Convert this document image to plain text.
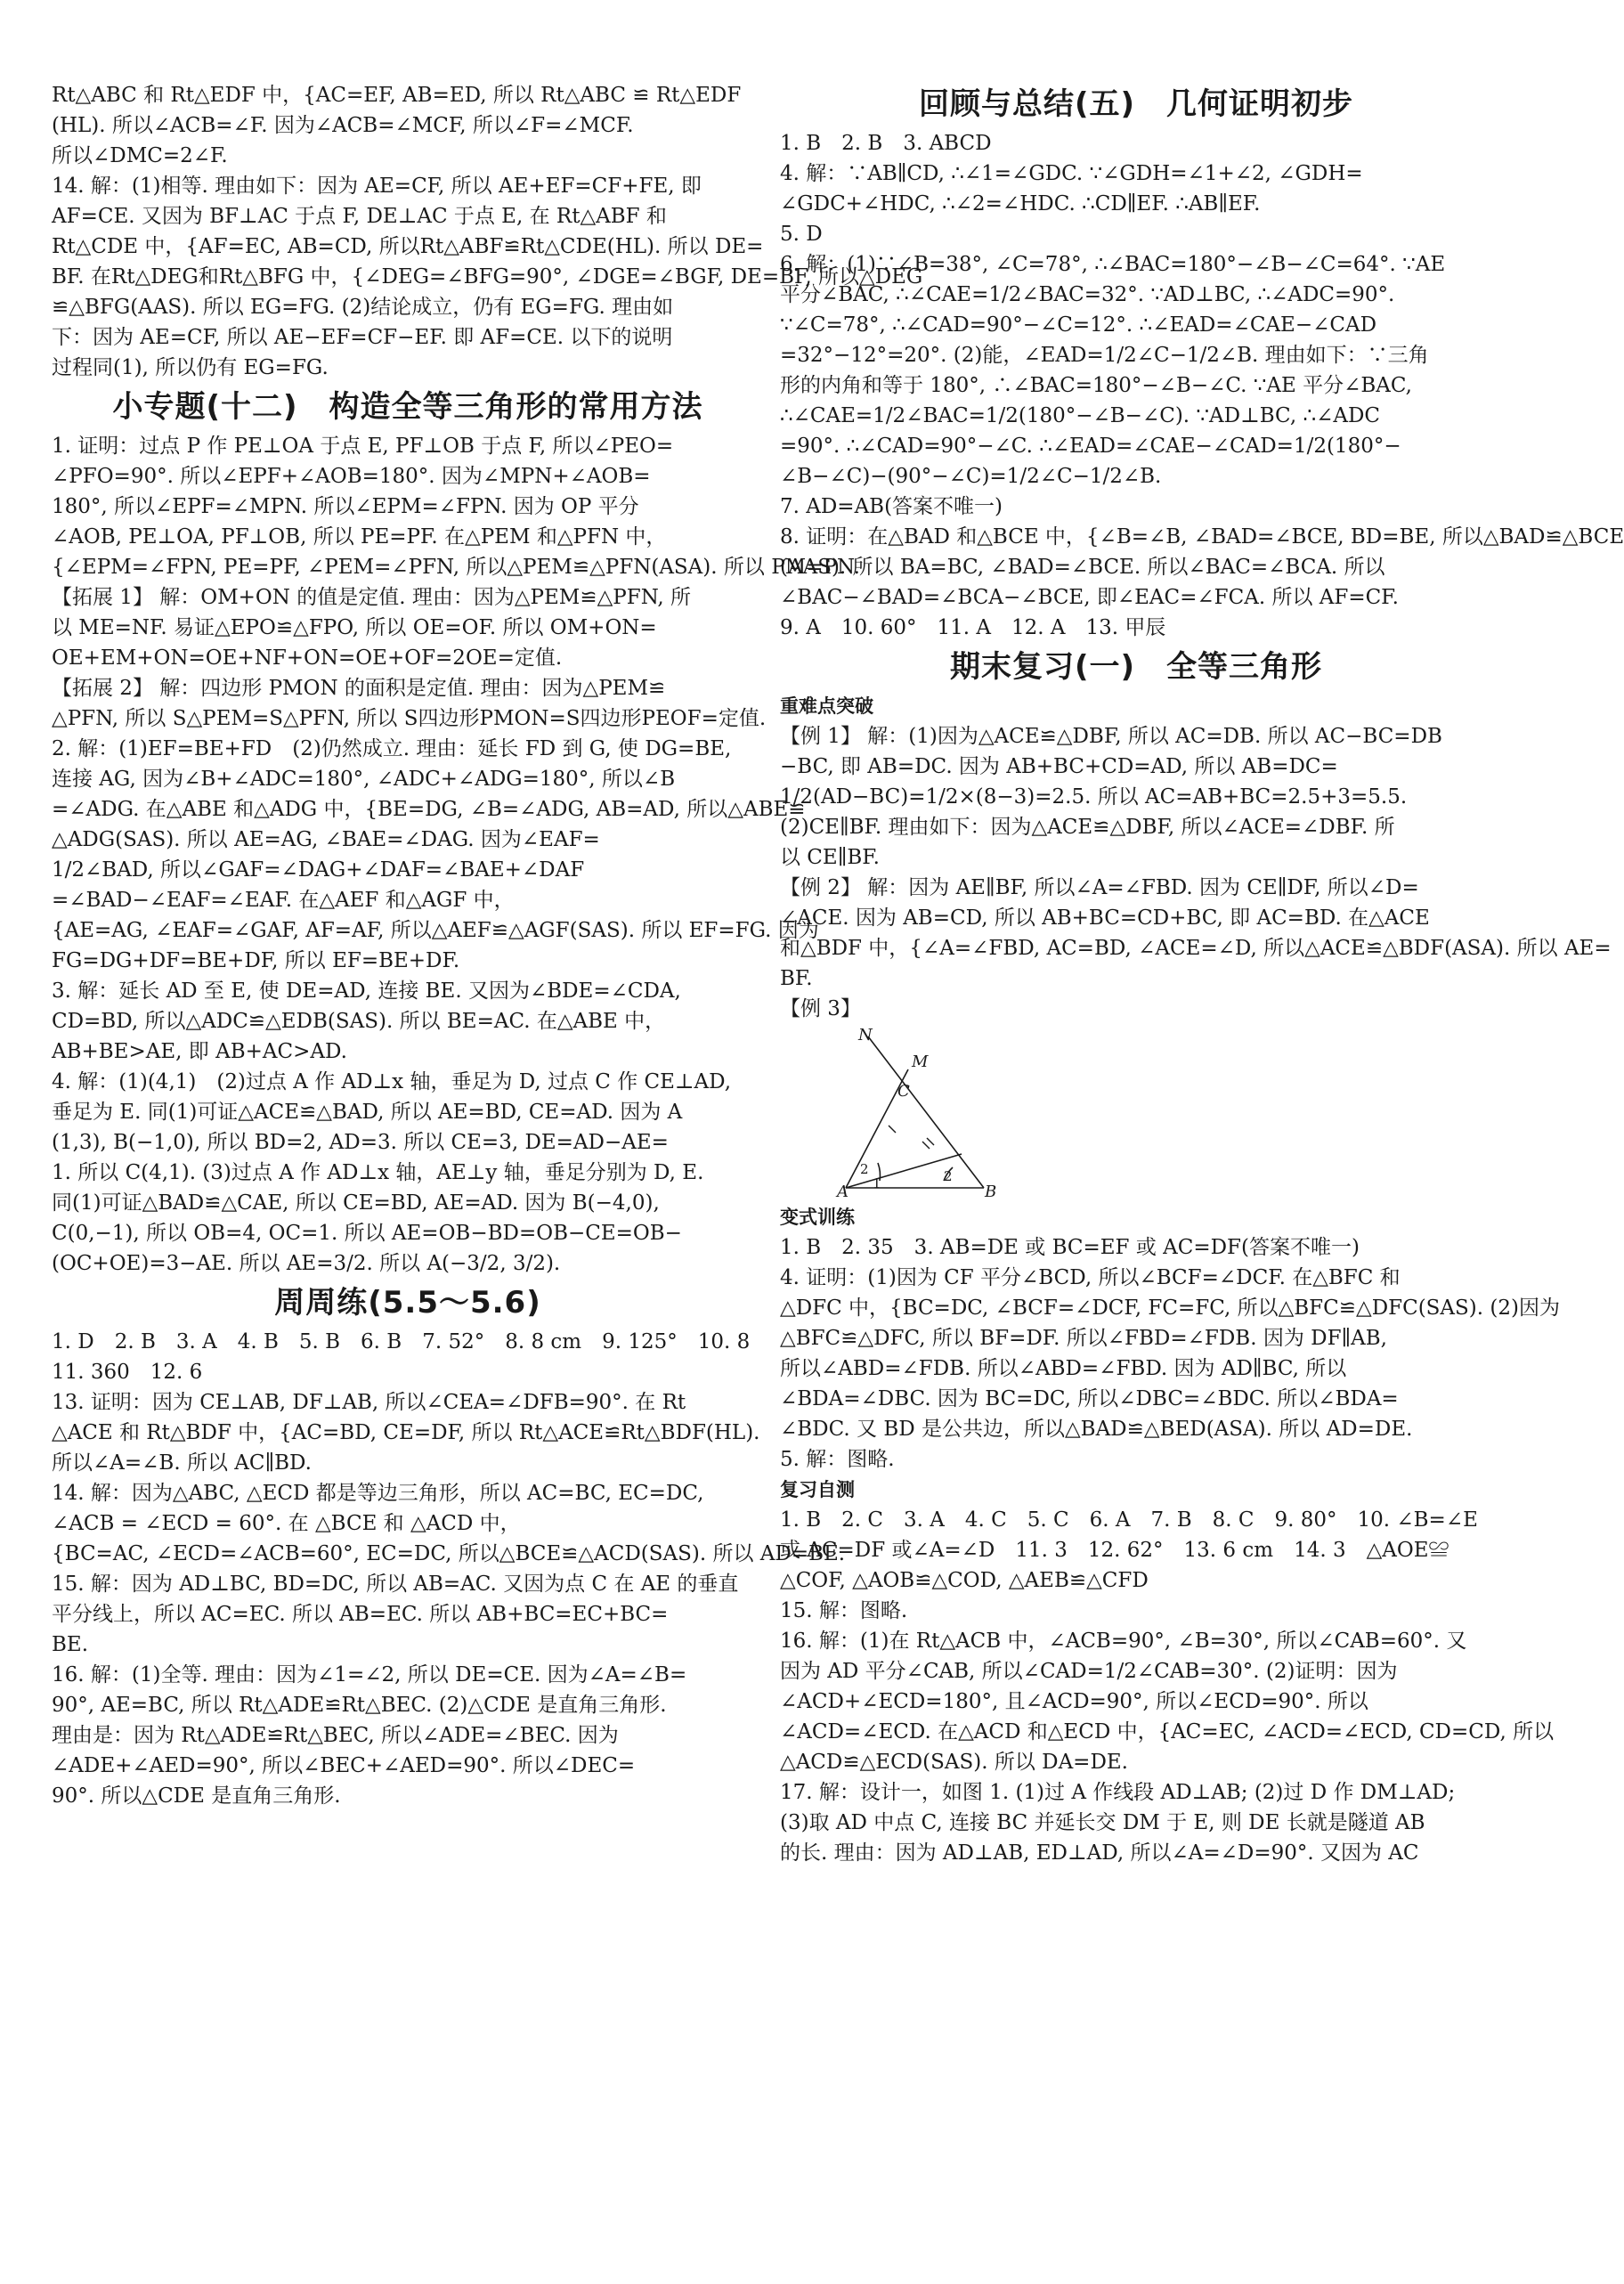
Rt△ABC 和 Rt△EDF 中，{AC=EF, AB=ED, 所以 Rt△ABC ≌ Rt△EDF
(HL). 所以∠ACB=∠F. 因为∠ACB=∠MCF, 所以∠F=∠MCF.
所以∠DMC=2∠F.
14. 解：(1)相等. 理由如下：因为 AE=CF, 所以 AE+EF=CF+FE, 即
AF=CE. 又因为 BF⊥AC 于点 F, DE⊥AC 于点 E, 在 Rt△ABF 和
Rt△CDE 中，{AF=EC, AB=CD, 所以Rt△ABF≌Rt△CDE(HL). 所以 DE=
BF. 在Rt△DEG和Rt△BFG 中，{∠DEG=∠BFG=90°, ∠DGE=∠BGF, DE=BF, 所以△DEG
≌△BFG(AAS). 所以 EG=FG. (2)结论成立，仍有 EG=FG. 理由如
下：因为 AE=CF, 所以 AE−EF=CF−EF. 即 AF=CE. 以下的说明
过程同(1), 所以仍有 EG=FG.
小专题(十二)　构造全等三角形的常用方法
1. 证明：过点 P 作 PE⊥OA 于点 E, PF⊥OB 于点 F, 所以∠PEO=
∠PFO=90°. 所以∠EPF+∠AOB=180°. 因为∠MPN+∠AOB=
180°, 所以∠EPF=∠MPN. 所以∠EPM=∠FPN. 因为 OP 平分
∠AOB, PE⊥OA, PF⊥OB, 所以 PE=PF. 在△PEM 和△PFN 中，
{∠EPM=∠FPN, PE=PF, ∠PEM=∠PFN, 所以△PEM≌△PFN(ASA). 所以 PM=PN.
【拓展 1】 解：OM+ON 的值是定值. 理由：因为△PEM≌△PFN, 所
以 ME=NF. 易证△EPO≌△FPO, 所以 OE=OF. 所以 OM+ON=
OE+EM+ON=OE+NF+ON=OE+OF=2OE=定值.
【拓展 2】 解：四边形 PMON 的面积是定值. 理由：因为△PEM≌
△PFN, 所以 S△PEM=S△PFN, 所以 S四边形PMON=S四边形PEOF=定值.
2. 解：(1)EF=BE+FD　(2)仍然成立. 理由：延长 FD 到 G, 使 DG=BE,
连接 AG, 因为∠B+∠ADC=180°, ∠ADC+∠ADG=180°, 所以∠B
=∠ADG. 在△ABE 和△ADG 中，{BE=DG, ∠B=∠ADG, AB=AD, 所以△ABE≌
△ADG(SAS). 所以 AE=AG, ∠BAE=∠DAG. 因为∠EAF=
1/2∠BAD, 所以∠GAF=∠DAG+∠DAF=∠BAE+∠DAF
=∠BAD−∠EAF=∠EAF. 在△AEF 和△AGF 中，
{AE=AG, ∠EAF=∠GAF, AF=AF, 所以△AEF≌△AGF(SAS). 所以 EF=FG. 因为
FG=DG+DF=BE+DF, 所以 EF=BE+DF.
3. 解：延长 AD 至 E, 使 DE=AD, 连接 BE. 又因为∠BDE=∠CDA,
CD=BD, 所以△ADC≌△EDB(SAS). 所以 BE=AC. 在△ABE 中，
AB+BE>AE, 即 AB+AC>AD.
4. 解：(1)(4,1)　(2)过点 A 作 AD⊥x 轴，垂足为 D, 过点 C 作 CE⊥AD,
垂足为 E. 同(1)可证△ACE≌△BAD, 所以 AE=BD, CE=AD. 因为 A
(1,3), B(−1,0), 所以 BD=2, AD=3. 所以 CE=3, DE=AD−AE=
1. 所以 C(4,1). (3)过点 A 作 AD⊥x 轴，AE⊥y 轴，垂足分别为 D, E.
同(1)可证△BAD≌△CAE, 所以 CE=BD, AE=AD. 因为 B(−4,0),
C(0,−1), 所以 OB=4, OC=1. 所以 AE=OB−BD=OB−CE=OB−
(OC+OE)=3−AE. 所以 AE=3/2. 所以 A(−3/2, 3/2).
周周练(5.5～5.6)
1. D　2. B　3. A　4. B　5. B　6. B　7. 52°　8. 8 cm　9. 125°　10. 8
11. 360　12. 6
13. 证明：因为 CE⊥AB, DF⊥AB, 所以∠CEA=∠DFB=90°. 在 Rt
△ACE 和 Rt△BDF 中，{AC=BD, CE=DF, 所以 Rt△ACE≌Rt△BDF(HL).
所以∠A=∠B. 所以 AC∥BD.
14. 解：因为△ABC, △ECD 都是等边三角形，所以 AC=BC, EC=DC,
∠ACB = ∠ECD = 60°. 在 △BCE 和 △ACD 中，
{BC=AC, ∠ECD=∠ACB=60°, EC=DC, 所以△BCE≌△ACD(SAS). 所以 AD=BE.
15. 解：因为 AD⊥BC, BD=DC, 所以 AB=AC. 又因为点 C 在 AE 的垂直
平分线上，所以 AC=EC. 所以 AB=EC. 所以 AB+BC=EC+BC=
BE.
16. 解：(1)全等. 理由：因为∠1=∠2, 所以 DE=CE. 因为∠A=∠B=
90°, AE=BC, 所以 Rt△ADE≌Rt△BEC. (2)△CDE 是直角三角形.
理由是：因为 Rt△ADE≌Rt△BEC, 所以∠ADE=∠BEC. 因为
∠ADE+∠AED=90°, 所以∠BEC+∠AED=90°. 所以∠DEC=
90°. 所以△CDE 是直角三角形.
回顾与总结(五)　几何证明初步
1. B　2. B　3. ABCD
4. 解：∵AB∥CD, ∴∠1=∠GDC. ∵∠GDH=∠1+∠2, ∠GDH=
∠GDC+∠HDC, ∴∠2=∠HDC. ∴CD∥EF. ∴AB∥EF.
5. D
6. 解：(1)∵∠B=38°, ∠C=78°, ∴∠BAC=180°−∠B−∠C=64°. ∵AE
平分∠BAC, ∴∠CAE=1/2∠BAC=32°. ∵AD⊥BC, ∴∠ADC=90°.
∵∠C=78°, ∴∠CAD=90°−∠C=12°. ∴∠EAD=∠CAE−∠CAD
=32°−12°=20°. (2)能，∠EAD=1/2∠C−1/2∠B. 理由如下：∵三角
形的内角和等于 180°, ∴∠BAC=180°−∠B−∠C. ∵AE 平分∠BAC,
∴∠CAE=1/2∠BAC=1/2(180°−∠B−∠C). ∵AD⊥BC, ∴∠ADC
=90°. ∴∠CAD=90°−∠C. ∴∠EAD=∠CAE−∠CAD=1/2(180°−
∠B−∠C)−(90°−∠C)=1/2∠C−1/2∠B.
7. AD=AB(答案不唯一)
8. 证明：在△BAD 和△BCE 中，{∠B=∠B, ∠BAD=∠BCE, BD=BE, 所以△BAD≌△BCE
(AAS). 所以 BA=BC, ∠BAD=∠BCE. 所以∠BAC=∠BCA. 所以
∠BAC−∠BAD=∠BCA−∠BCE, 即∠EAC=∠FCA. 所以 AF=CF.
9. A　10. 60°　11. A　12. A　13. 甲辰
期末复习(一)　全等三角形
重难点突破
【例 1】 解：(1)因为△ACE≌△DBF, 所以 AC=DB. 所以 AC−BC=DB
−BC, 即 AB=DC. 因为 AB+BC+CD=AD, 所以 AB=DC=
1/2(AD−BC)=1/2×(8−3)=2.5. 所以 AC=AB+BC=2.5+3=5.5.
(2)CE∥BF. 理由如下：因为△ACE≌△DBF, 所以∠ACE=∠DBF. 所
以 CE∥BF.
【例 2】 解：因为 AE∥BF, 所以∠A=∠FBD. 因为 CE∥DF, 所以∠D=
∠ACE. 因为 AB=CD, 所以 AB+BC=CD+BC, 即 AC=BD. 在△ACE
和△BDF 中，{∠A=∠FBD, AC=BD, ∠ACE=∠D, 所以△ACE≌△BDF(ASA). 所以 AE=
BF.
【例 3】
N
M
C
A	B
2
1	2
变式训练
1. B　2. 35　3. AB=DE 或 BC=EF 或 AC=DF(答案不唯一)
4. 证明：(1)因为 CF 平分∠BCD, 所以∠BCF=∠DCF. 在△BFC 和
△DFC 中，{BC=DC, ∠BCF=∠DCF, FC=FC, 所以△BFC≌△DFC(SAS). (2)因为
△BFC≌△DFC, 所以 BF=DF. 所以∠FBD=∠FDB. 因为 DF∥AB,
所以∠ABD=∠FDB. 所以∠ABD=∠FBD. 因为 AD∥BC, 所以
∠BDA=∠DBC. 因为 BC=DC, 所以∠DBC=∠BDC. 所以∠BDA=
∠BDC. 又 BD 是公共边，所以△BAD≌△BED(ASA). 所以 AD=DE.
5. 解：图略.
复习自测
1. B　2. C　3. A　4. C　5. C　6. A　7. B　8. C　9. 80°　10. ∠B=∠E
或 AC=DF 或∠A=∠D　11. 3　12. 62°　13. 6 cm　14. 3　△AOE≌
△COF, △AOB≌△COD, △AEB≌△CFD
15. 解：图略.
16. 解：(1)在 Rt△ACB 中，∠ACB=90°, ∠B=30°, 所以∠CAB=60°. 又
因为 AD 平分∠CAB, 所以∠CAD=1/2∠CAB=30°. (2)证明：因为
∠ACD+∠ECD=180°, 且∠ACD=90°, 所以∠ECD=90°. 所以
∠ACD=∠ECD. 在△ACD 和△ECD 中，{AC=EC, ∠ACD=∠ECD, CD=CD, 所以
△ACD≌△ECD(SAS). 所以 DA=DE.
17. 解：设计一，如图 1. (1)过 A 作线段 AD⊥AB; (2)过 D 作 DM⊥AD;
(3)取 AD 中点 C, 连接 BC 并延长交 DM 于 E, 则 DE 长就是隧道 AB
的长. 理由：因为 AD⊥AB, ED⊥AD, 所以∠A=∠D=90°. 又因为 AC
